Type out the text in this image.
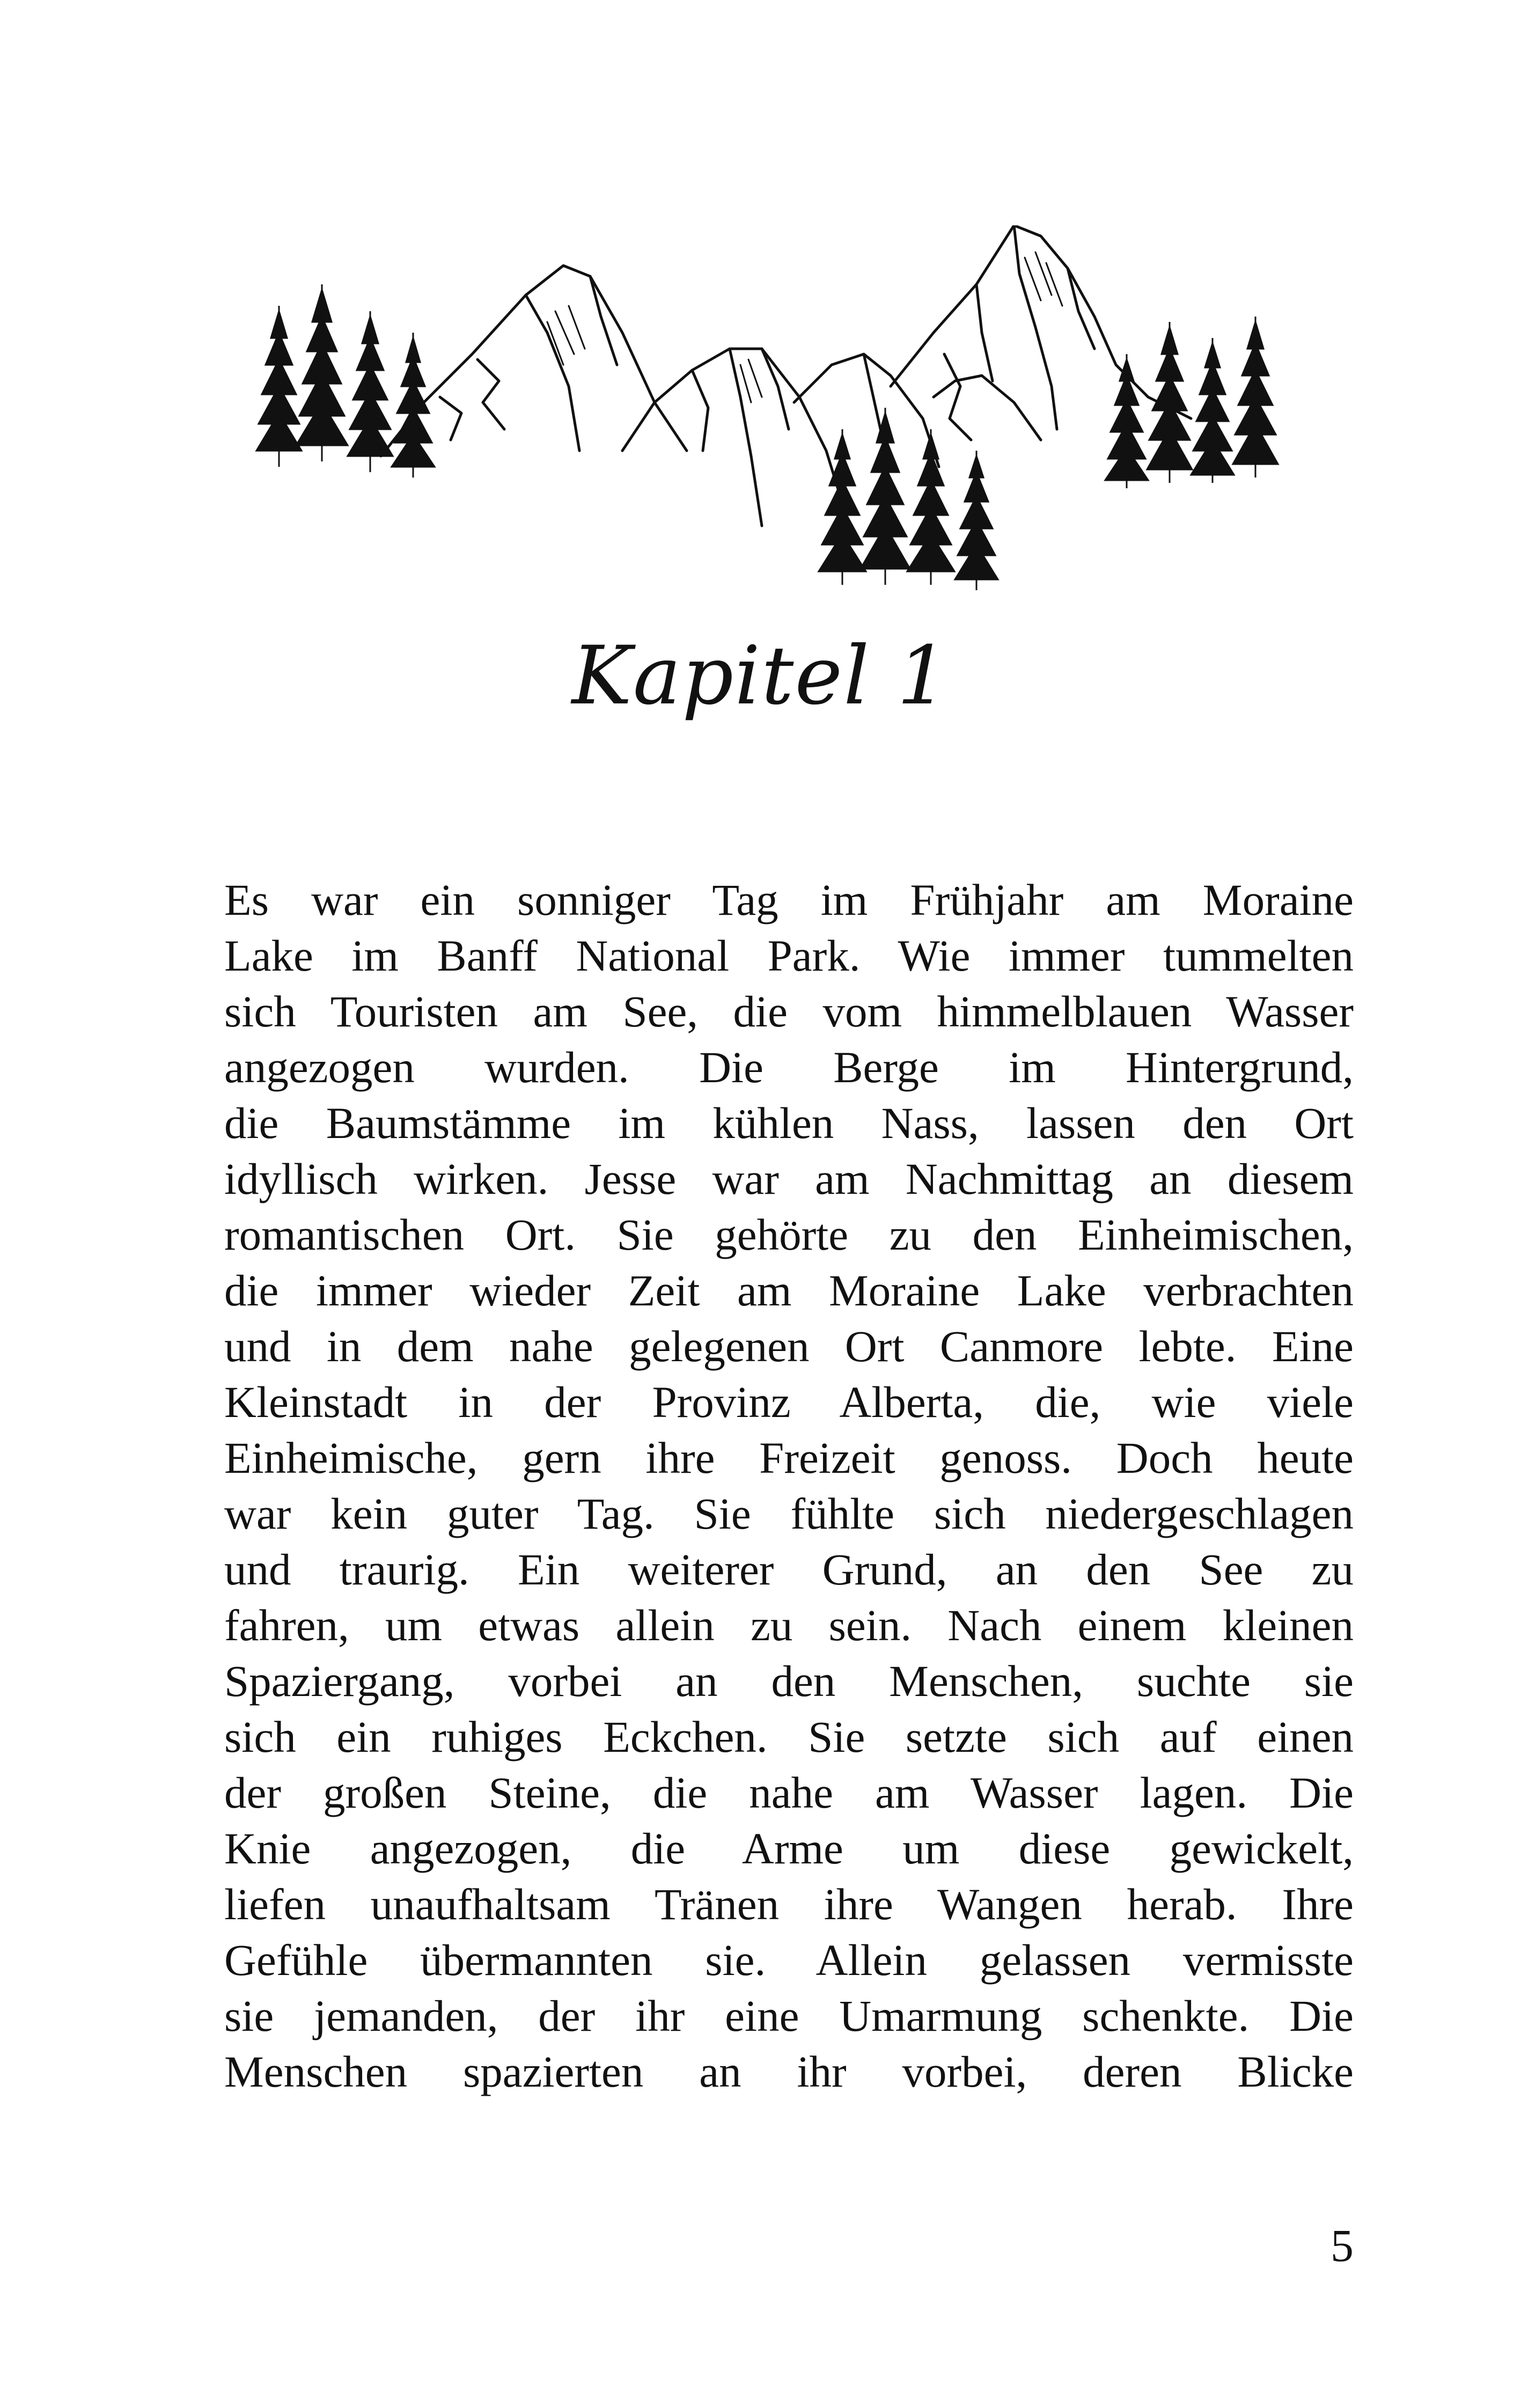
Kapitel 1
Es war ein sonniger Tag im Frühjahr am Moraine
Lake im Banff National Park. Wie immer tummelten
sich Touristen am See, die vom himmelblauen Wasser
angezogen wurden. Die Berge im Hintergrund,
die Baumstämme im kühlen Nass, lassen den Ort
idyllisch wirken. Jesse war am Nachmittag an diesem
romantischen Ort. Sie gehörte zu den Einheimischen,
die immer wieder Zeit am Moraine Lake verbrachten
und in dem nahe gelegenen Ort Canmore lebte. Eine
Kleinstadt in der Provinz Alberta, die, wie viele
Einheimische, gern ihre Freizeit genoss. Doch heute
war kein guter Tag. Sie fühlte sich niedergeschlagen
und traurig. Ein weiterer Grund, an den See zu
fahren, um etwas allein zu sein. Nach einem kleinen
Spaziergang, vorbei an den Menschen, suchte sie
sich ein ruhiges Eckchen. Sie setzte sich auf einen
der großen Steine, die nahe am Wasser lagen. Die
Knie angezogen, die Arme um diese gewickelt,
liefen unaufhaltsam Tränen ihre Wangen herab. Ihre
Gefühle übermannten sie. Allein gelassen vermisste
sie jemanden, der ihr eine Umarmung schenkte. Die
Menschen spazierten an ihr vorbei, deren Blicke
5
